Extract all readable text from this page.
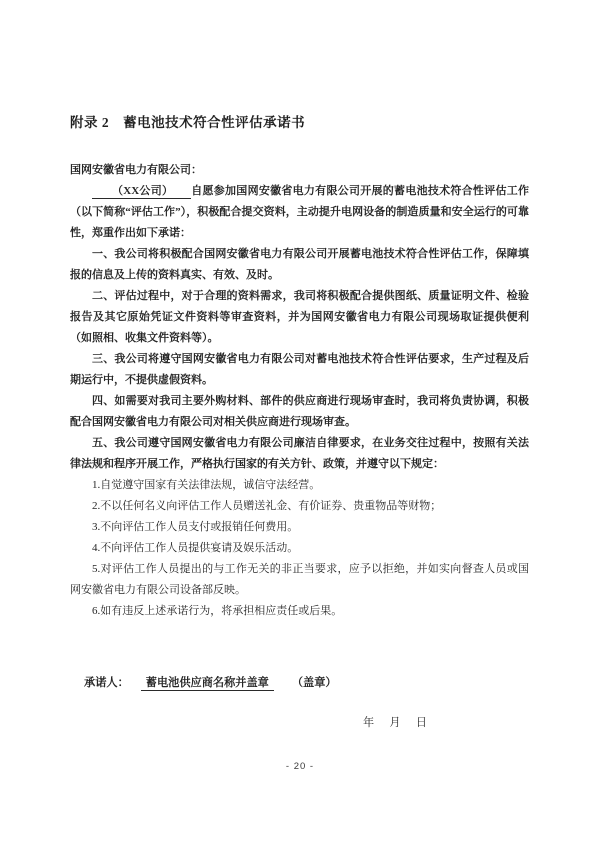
附录 2　蓄电池技术符合性评估承诺书

国网安徽省电力有限公司：

（XX公司） 自愿参加国网安徽省电力有限公司开展的蓄电池技术符合性评估工作（以下简称“评估工作”），积极配合提交资料，主动提升电网设备的制造质量和安全运行的可靠性，郑重作出如下承诺：

一、我公司将积极配合国网安徽省电力有限公司开展蓄电池技术符合性评估工作，保障填报的信息及上传的资料真实、有效、及时。

二、评估过程中，对于合理的资料需求，我司将积极配合提供图纸、质量证明文件、检验报告及其它原始凭证文件资料等审查资料，并为国网安徽省电力有限公司现场取证提供便利（如照相、收集文件资料等）。

三、我公司将遵守国网安徽省电力有限公司对蓄电池技术符合性评估要求，生产过程及后期运行中，不提供虚假资料。

四、如需要对我司主要外购材料、部件的供应商进行现场审查时，我司将负责协调，积极配合国网安徽省电力有限公司对相关供应商进行现场审查。

五、我公司遵守国网安徽省电力有限公司廉洁自律要求，在业务交往过程中，按照有关法律法规和程序开展工作，严格执行国家的有关方针、政策，并遵守以下规定：

1.自觉遵守国家有关法律法规，诚信守法经营。

2.不以任何名义向评估工作人员赠送礼金、有价证券、贵重物品等财物；

3.不向评估工作人员支付或报销任何费用。

4.不向评估工作人员提供宴请及娱乐活动。

5.对评估工作人员提出的与工作无关的非正当要求，应予以拒绝，并如实向督查人员或国网安徽省电力有限公司设备部反映。

6.如有违反上述承诺行为，将承担相应责任或后果。

承诺人： 蓄电池供应商名称并盖章 （盖章）
年　月　日
- 20 -
